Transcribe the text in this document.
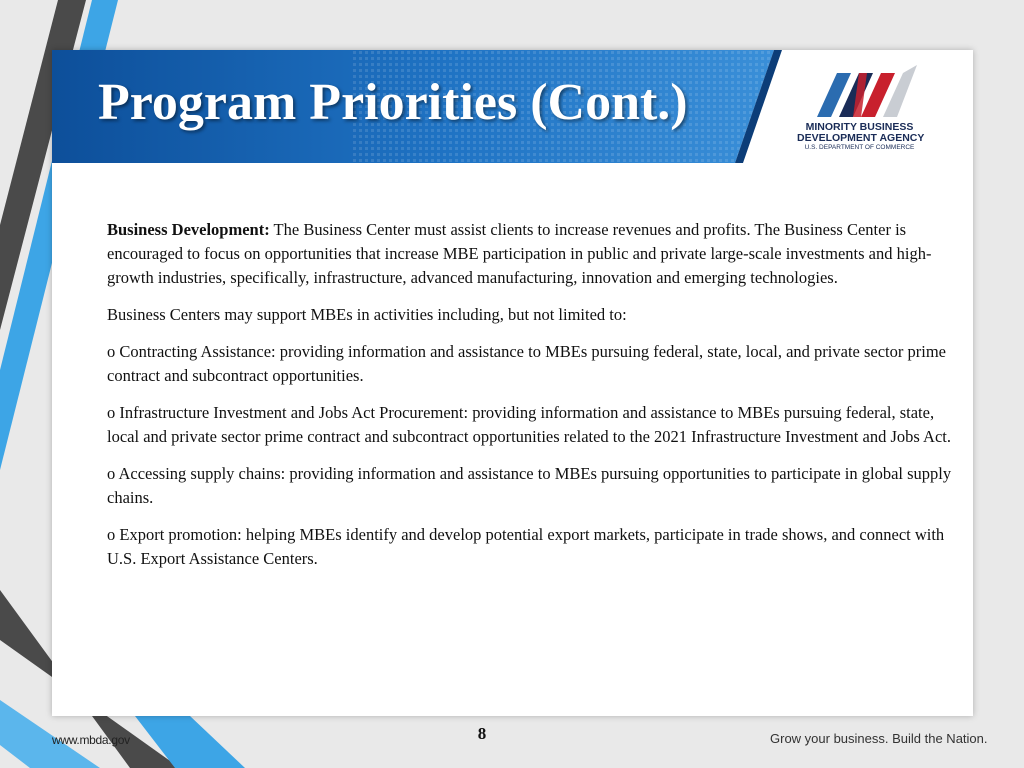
Program Priorities (Cont.)	MINORITY BUSINESS
DEVELOPMENT AGENCY
U.S. DEPARTMENT OF COMMERCE

Business Development: The Business Center must assist clients to increase revenues and profits. The Business Center is encouraged to focus on opportunities that increase MBE participation in public and private large-scale investments and high-growth industries, specifically, infrastructure, advanced manufacturing, innovation and emerging technologies.

Business Centers may support MBEs in activities including, but not limited to:

o Contracting Assistance: providing information and assistance to MBEs pursuing federal, state, local, and private sector prime contract and subcontract opportunities.

o Infrastructure Investment and Jobs Act Procurement: providing information and assistance to MBEs pursuing federal, state, local and private sector prime contract and subcontract opportunities related to the 2021 Infrastructure Investment and Jobs Act.

o Accessing supply chains: providing information and assistance to MBEs pursuing opportunities to participate in global supply chains.

o Export promotion: helping MBEs identify and develop potential export markets, participate in trade shows, and connect with U.S. Export Assistance Centers.

8
www.mbda.gov	Grow your business. Build the Nation.
